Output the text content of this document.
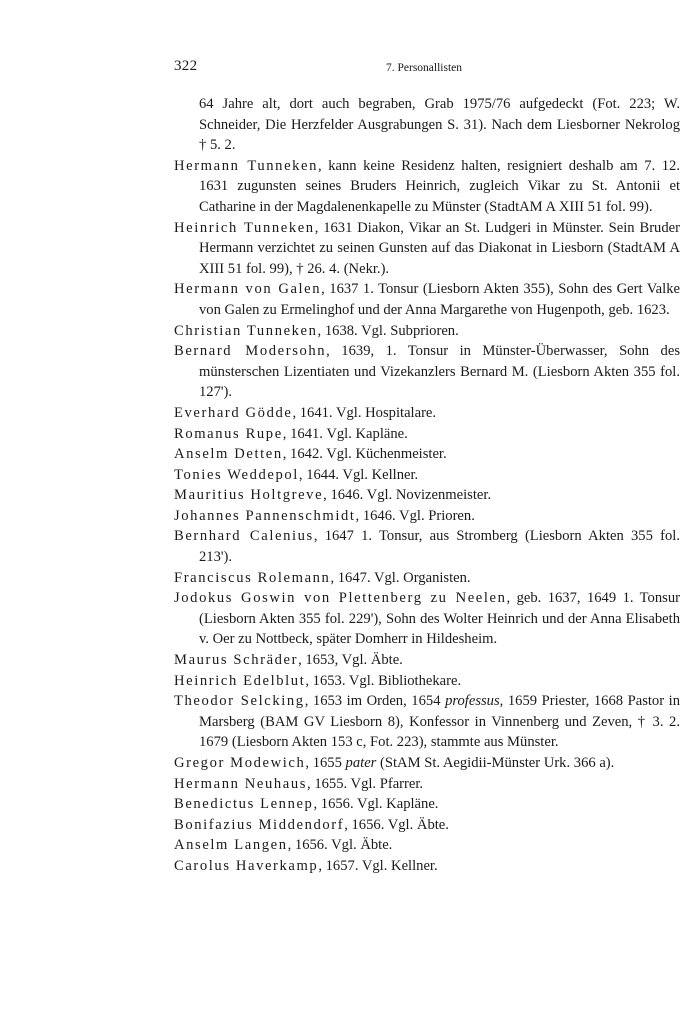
322	7. Personallisten

64 Jahre alt, dort auch begraben, Grab 1975/76 aufgedeckt (Fot. 223; W. Schneider, Die Herzfelder Ausgrabungen S. 31). Nach dem Liesborner Nekrolog † 5. 2.

Hermann Tunneken, kann keine Residenz halten, resigniert deshalb am 7. 12. 1631 zugunsten seines Bruders Heinrich, zugleich Vikar zu St. Antonii et Catharine in der Magdalenenkapelle zu Münster (StadtAM A XIII 51 fol. 99).

Heinrich Tunneken, 1631 Diakon, Vikar an St. Ludgeri in Münster. Sein Bruder Hermann verzichtet zu seinen Gunsten auf das Diakonat in Liesborn (StadtAM A XIII 51 fol. 99), † 26. 4. (Nekr.).

Hermann von Galen, 1637 1. Tonsur (Liesborn Akten 355), Sohn des Gert Valke von Galen zu Ermelinghof und der Anna Margarethe von Hugenpoth, geb. 1623.

Christian Tunneken, 1638. Vgl. Subprioren.

Bernard Modersohn, 1639, 1. Tonsur in Münster-Überwasser, Sohn des münsterschen Lizentiaten und Vizekanzlers Bernard M. (Liesborn Akten 355 fol. 127').

Everhard Gödde, 1641. Vgl. Hospitalare.

Romanus Rupe, 1641. Vgl. Kapläne.

Anselm Detten, 1642. Vgl. Küchenmeister.

Tonies Weddepol, 1644. Vgl. Kellner.

Mauritius Holtgreve, 1646. Vgl. Novizenmeister.

Johannes Pannenschmidt, 1646. Vgl. Prioren.

Bernhard Calenius, 1647 1. Tonsur, aus Stromberg (Liesborn Akten 355 fol. 213').

Franciscus Rolemann, 1647. Vgl. Organisten.

Jodokus Goswin von Plettenberg zu Neelen, geb. 1637, 1649 1. Tonsur (Liesborn Akten 355 fol. 229'), Sohn des Wolter Heinrich und der Anna Elisabeth v. Oer zu Nottbeck, später Domherr in Hildesheim.

Maurus Schräder, 1653, Vgl. Äbte.

Heinrich Edelblut, 1653. Vgl. Bibliothekare.

Theodor Selcking, 1653 im Orden, 1654 professus, 1659 Priester, 1668 Pastor in Marsberg (BAM GV Liesborn 8), Konfessor in Vinnenberg und Zeven, † 3. 2. 1679 (Liesborn Akten 153 c, Fot. 223), stammte aus Münster.

Gregor Modewich, 1655 pater (StAM St. Aegidii-Münster Urk. 366 a).

Hermann Neuhaus, 1655. Vgl. Pfarrer.

Benedictus Lennep, 1656. Vgl. Kapläne.

Bonifazius Middendorf, 1656. Vgl. Äbte.

Anselm Langen, 1656. Vgl. Äbte.

Carolus Haverkamp, 1657. Vgl. Kellner.
